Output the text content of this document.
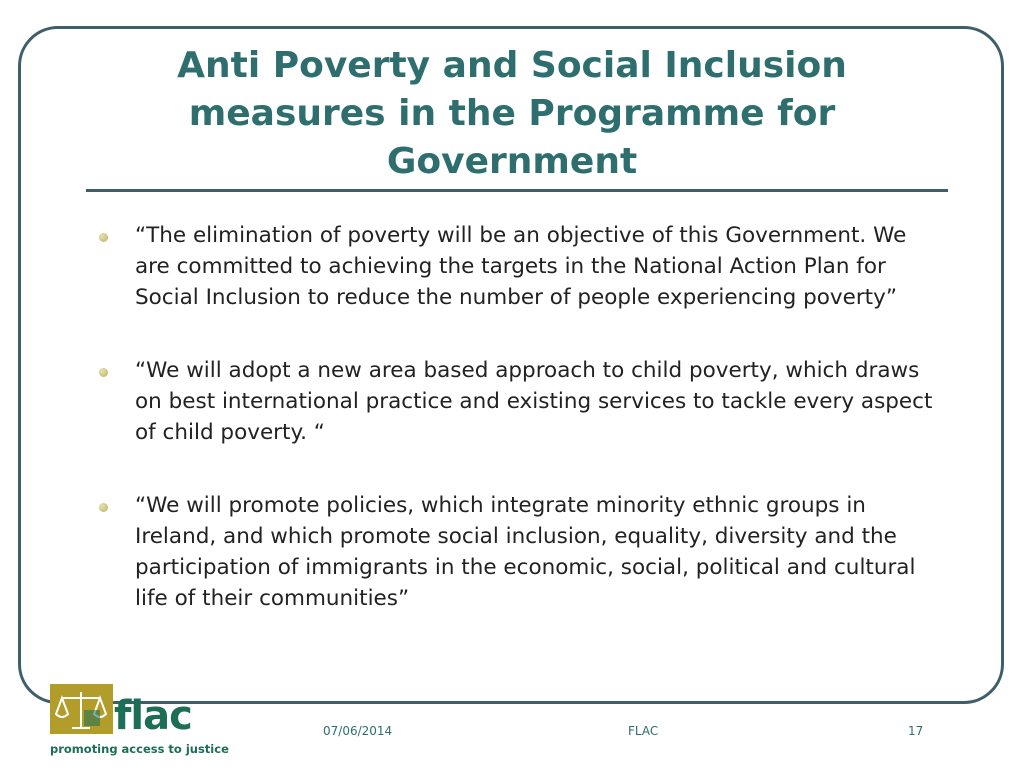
Anti Poverty and Social Inclusion measures in the Programme for Government
“The elimination of poverty will be an objective of this Government. We are committed to achieving the targets in the National Action Plan for Social Inclusion to reduce the number of people experiencing poverty”
“We will adopt a new area based approach to child poverty, which draws on best international practice and existing services to tackle every aspect of child poverty. “
“We will promote policies, which integrate minority ethnic groups in Ireland, and which promote social inclusion, equality, diversity and the participation of immigrants in the economic, social, political and cultural life of their communities”
flac
promoting access to justice
07/06/2014	FLAC	17
